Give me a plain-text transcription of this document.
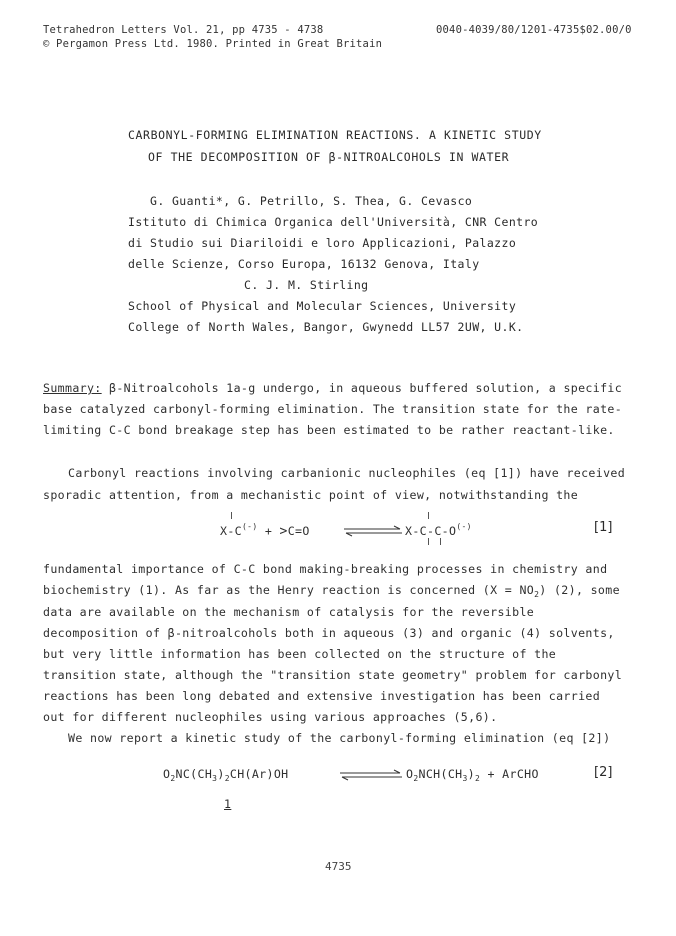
Tetrahedron Letters Vol. 21, pp 4735 - 4738	0040-4039/80/1201-4735$02.00/0
© Pergamon Press Ltd. 1980. Printed in Great Britain
CARBONYL-FORMING ELIMINATION REACTIONS. A KINETIC STUDY
OF THE DECOMPOSITION OF β-NITROALCOHOLS IN WATER
G. Guanti*, G. Petrillo, S. Thea, G. Cevasco
Istituto di Chimica Organica dell'Università, CNR Centro
di Studio sui Diariloidi e loro Applicazioni, Palazzo
delle Scienze, Corso Europa, 16132 Genova, Italy
C. J. M. Stirling
School of Physical and Molecular Sciences, University
College of North Wales, Bangor, Gwynedd LL57 2UW, U.K.
Summary: β-Nitroalcohols 1a-g undergo, in aqueous buffered solution, a specific
base catalyzed carbonyl-forming elimination. The transition state for the rate-
limiting C-C bond breakage step has been estimated to be rather reactant-like.
Carbonyl reactions involving carbanionic nucleophiles (eq [1]) have received
sporadic attention, from a mechanistic point of view, notwithstanding the
X-C(-) + >C=O	X-C-C-O(-)	[1]
fundamental importance of C-C bond making-breaking processes in chemistry and
biochemistry (1). As far as the Henry reaction is concerned $(X = NO_2)$ (2), some
data are available on the mechanism of catalysis for the reversible
decomposition of β-nitroalcohols both in aqueous (3) and organic (4) solvents,
but very little information has been collected on the structure of the
transition state, although the "transition state geometry" problem for carbonyl
reactions has been long debated and extensive investigation has been carried
out for different nucleophiles using various approaches (5,6).
We now report a kinetic study of the carbonyl-forming elimination (eq [2])
$O_2NC(CH_3)_2CH(Ar)OH$	$O_2NCH(CH_3)_2$ + ArCHO	[2]
1
4735
